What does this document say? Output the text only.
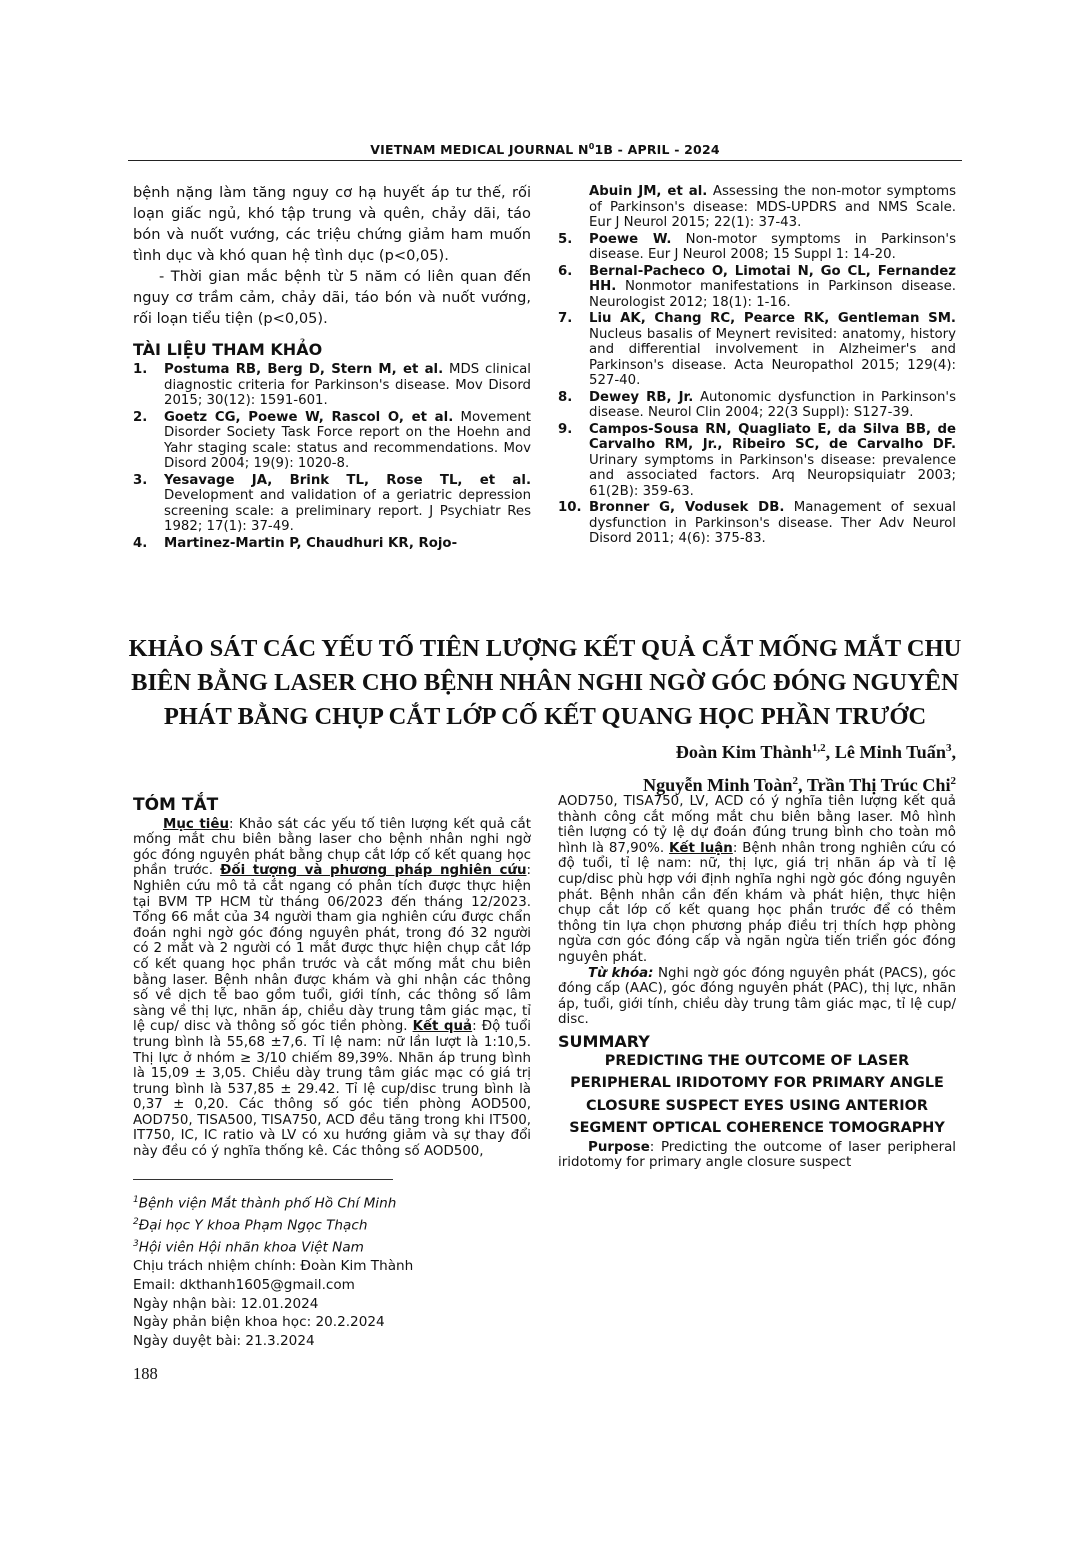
VIETNAM MEDICAL JOURNAL $N^01B$ - APRIL - 2024

bệnh nặng làm tăng nguy cơ hạ huyết áp tư thế, rối loạn giấc ngủ, khó tập trung và quên, chảy dãi, táo bón và nuốt vướng, các triệu chứng giảm ham muốn tình dục và khó quan hệ tình dục (p<0,05).

- Thời gian mắc bệnh từ 5 năm có liên quan đến nguy cơ trầm cảm, chảy dãi, táo bón và nuốt vướng, rối loạn tiểu tiện (p<0,05).

TÀI LIỆU THAM KHẢO

1. Postuma RB, Berg D, Stern M, et al. MDS clinical diagnostic criteria for Parkinson's disease. Mov Disord 2015; 30(12): 1591-601.
2. Goetz CG, Poewe W, Rascol O, et al. Movement Disorder Society Task Force report on the Hoehn and Yahr staging scale: status and recommendations. Mov Disord 2004; 19(9): 1020-8.
3. Yesavage JA, Brink TL, Rose TL, et al. Development and validation of a geriatric depression screening scale: a preliminary report. J Psychiatr Res 1982; 17(1): 37-49.
4. Martinez-Martin P, Chaudhuri KR, Rojo-
Abuin JM, et al. Assessing the non-motor symptoms of Parkinson's disease: MDS-UPDRS and NMS Scale. Eur J Neurol 2015; 22(1): 37-43.
5. Poewe W. Non-motor symptoms in Parkinson's disease. Eur J Neurol 2008; 15 Suppl 1: 14-20.
6. Bernal-Pacheco O, Limotai N, Go CL, Fernandez HH. Nonmotor manifestations in Parkinson disease. Neurologist 2012; 18(1): 1-16.
7. Liu AK, Chang RC, Pearce RK, Gentleman SM. Nucleus basalis of Meynert revisited: anatomy, history and differential involvement in Alzheimer's and Parkinson's disease. Acta Neuropathol 2015; 129(4): 527-40.
8. Dewey RB, Jr. Autonomic dysfunction in Parkinson's disease. Neurol Clin 2004; 22(3 Suppl): S127-39.
9. Campos-Sousa RN, Quagliato E, da Silva BB, de Carvalho RM, Jr., Ribeiro SC, de Carvalho DF. Urinary symptoms in Parkinson's disease: prevalence and associated factors. Arq Neuropsiquiatr 2003; 61(2B): 359-63.
10. Bronner G, Vodusek DB. Management of sexual dysfunction in Parkinson's disease. Ther Adv Neurol Disord 2011; 4(6): 375-83.
KHẢO SÁT CÁC YẾU TỐ TIÊN LƯỢNG KẾT QUẢ CẮT MỐNG MẮT CHU BIÊN BẰNG LASER CHO BỆNH NHÂN NGHI NGỜ GÓC ĐÓNG NGUYÊN PHÁT BẰNG CHỤP CẮT LỚP CỐ KẾT QUANG HỌC PHẦN TRƯỚC
Đoàn Kim Thành$^{1,2}$, Lê Minh Tuấn$^3$,
Nguyễn Minh Toàn$^2$, Trần Thị Trúc Chi$^2$

TÓM TẮT

Mục tiêu: Khảo sát các yếu tố tiên lượng kết quả cắt mống mắt chu biên bằng laser cho bệnh nhân nghi ngờ góc đóng nguyên phát bằng chụp cắt lớp cố kết quang học phần trước. Đối tượng và phương pháp nghiên cứu: Nghiên cứu mô tả cắt ngang có phân tích được thực hiện tại BVM TP HCM từ tháng 06/2023 đến tháng 12/2023. Tổng 66 mắt của 34 người tham gia nghiên cứu được chẩn đoán nghi ngờ góc đóng nguyên phát, trong đó 32 người có 2 mắt và 2 người có 1 mắt được thực hiện chụp cắt lớp cố kết quang học phần trước và cắt mống mắt chu biên bằng laser. Bệnh nhân được khám và ghi nhận các thông số về dịch tễ bao gồm tuổi, giới tính, các thông số lâm sàng về thị lực, nhãn áp, chiều dày trung tâm giác mạc, tỉ lệ cup/ disc và thông số góc tiền phòng. Kết quả: Độ tuổi trung bình là 55,68 ±7,6. Tỉ lệ nam: nữ lần lượt là 1:10,5. Thị lực ở nhóm ≥ 3/10 chiếm 89,39%. Nhãn áp trung bình là 15,09 ± 3,05. Chiều dày trung tâm giác mạc có giá trị trung bình là 537,85 ± 29.42. Tỉ lệ cup/disc trung bình là 0,37 ± 0,20. Các thông số góc tiền phòng AOD500, AOD750, TISA500, TISA750, ACD đều tăng trong khi IT500, IT750, IC, IC ratio và LV có xu hướng giảm và sự thay đổi này đều có ý nghĩa thống kê. Các thông số AOD500,

AOD750, TISA750, LV, ACD có ý nghĩa tiên lượng kết quả thành công cắt mống mắt chu biên bằng laser. Mô hình tiên lượng có tỷ lệ dự đoán đúng trung bình cho toàn mô hình là 87,90%. Kết luận: Bệnh nhân trong nghiên cứu có độ tuổi, tỉ lệ nam: nữ, thị lực, giá trị nhãn áp và tỉ lệ cup/disc phù hợp với định nghĩa nghi ngờ góc đóng nguyên phát. Bệnh nhân cần đến khám và phát hiện, thực hiện chụp cắt lớp cố kết quang học phần trước để có thêm thông tin lựa chọn phương pháp điều trị thích hợp phòng ngừa cơn góc đóng cấp và ngăn ngừa tiến triển góc đóng nguyên phát.

Từ khóa: Nghi ngờ góc đóng nguyên phát (PACS), góc đóng cấp (AAC), góc đóng nguyên phát (PAC), thị lực, nhãn áp, tuổi, giới tính, chiều dày trung tâm giác mạc, tỉ lệ cup/ disc.

SUMMARY

PREDICTING THE OUTCOME OF LASER PERIPHERAL IRIDOTOMY FOR PRIMARY ANGLE CLOSURE SUSPECT EYES USING ANTERIOR SEGMENT OPTICAL COHERENCE TOMOGRAPHY

Purpose: Predicting the outcome of laser peripheral iridotomy for primary angle closure suspect

$^1$Bệnh viện Mắt thành phố Hồ Chí Minh
$^2$Đại học Y khoa Phạm Ngọc Thạch
$^3$Hội viên Hội nhãn khoa Việt Nam
Chịu trách nhiệm chính: Đoàn Kim Thành
Email: dkthanh1605@gmail.com
Ngày nhận bài: 12.01.2024
Ngày phản biện khoa học: 20.2.2024
Ngày duyệt bài: 21.3.2024
188
